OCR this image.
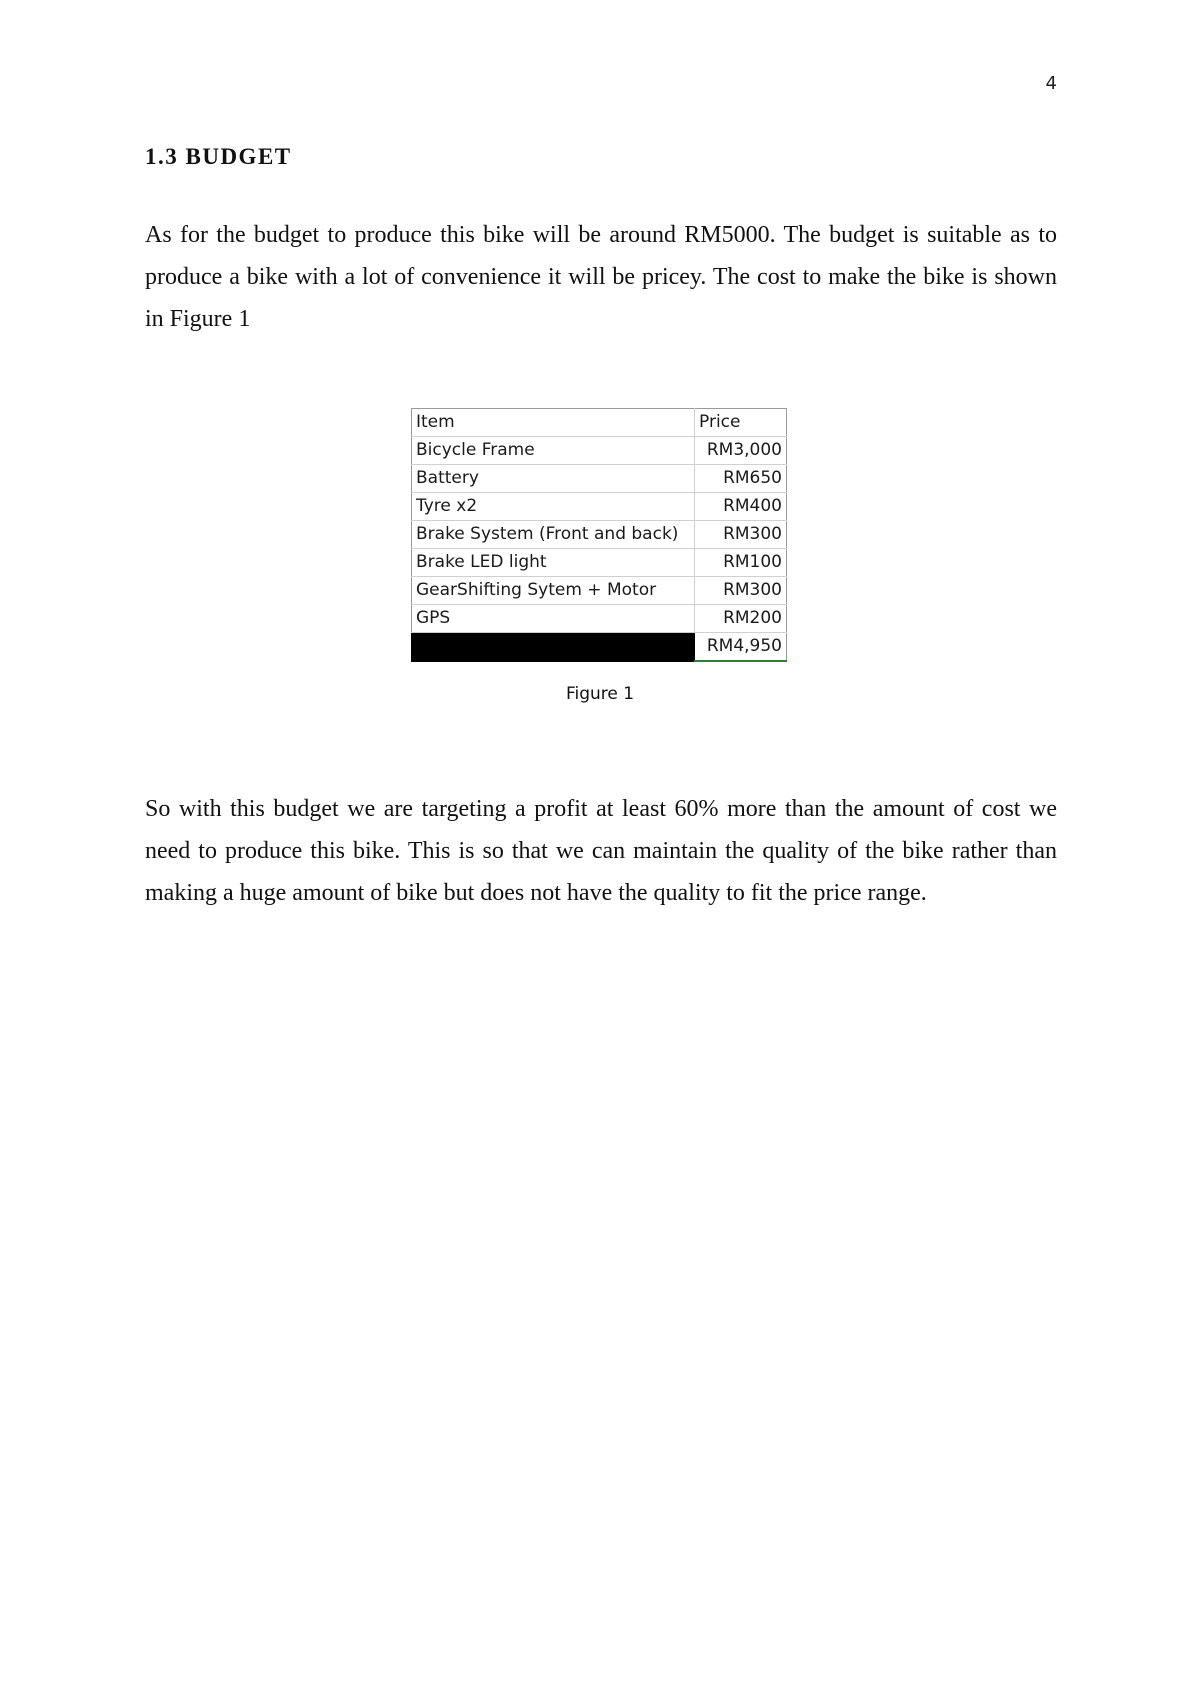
4
1.3 BUDGET

As for the budget to produce this bike will be around RM5000. The budget is suitable as to produce a bike with a lot of convenience it will be pricey. The cost to make the bike is shown in Figure 1

Item	Price
Bicycle Frame	RM3,000
Battery	RM650
Tyre x2	RM400
Brake System (Front and back)	RM300
Brake LED light	RM100
GearShifting Sytem + Motor	RM300
GPS	RM200
	RM4,950
Figure 1

So with this budget we are targeting a profit at least 60% more than the amount of cost we need to produce this bike. This is so that we can maintain the quality of the bike rather than making a huge amount of bike but does not have the quality to fit the price range.
